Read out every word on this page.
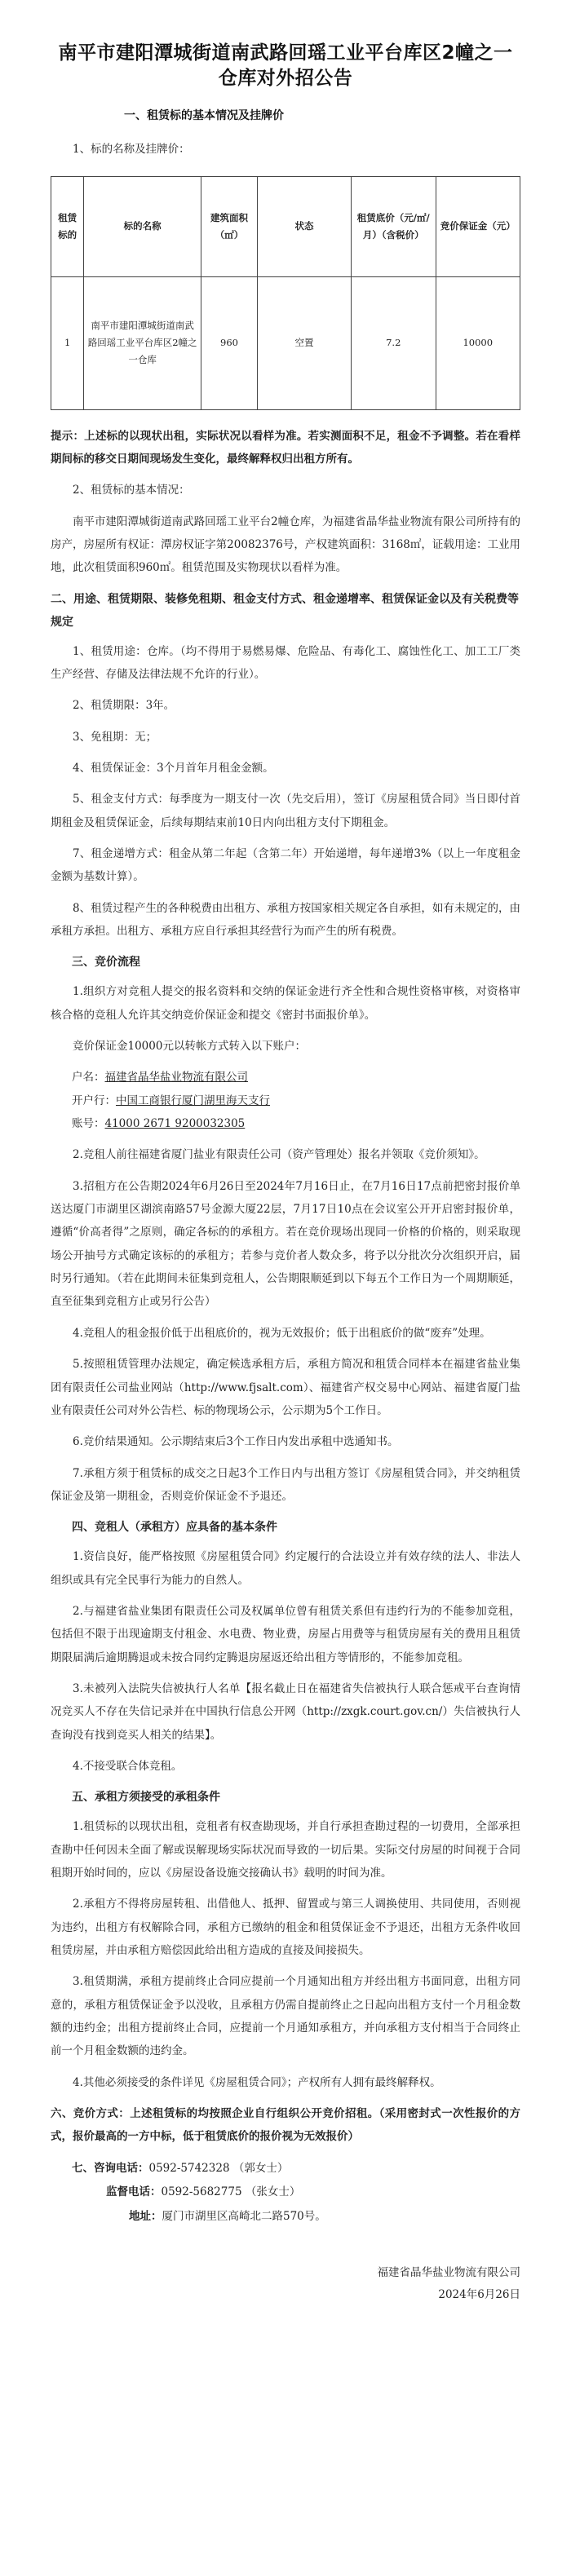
南平市建阳潭城街道南武路回瑶工业平台库区2幢之一仓库对外招公告
一、租赁标的基本情况及挂牌价

1、标的名称及挂牌价：

租赁标的	标的名称	建筑面积（㎡）	状态	租赁底价（元/㎡/月）（含税价）	竞价保证金（元）
1	南平市建阳潭城街道南武路回瑶工业平台库区2幢之一仓库	960	空置	7.2	10000

提示：上述标的以现状出租，实际状况以看样为准。若实测面积不足，租金不予调整。若在看样期间标的移交日期间现场发生变化，最终解释权归出租方所有。

2、租赁标的基本情况：

南平市建阳潭城街道南武路回瑶工业平台2幢仓库，为福建省晶华盐业物流有限公司所持有的房产，房屋所有权证：潭房权证字第20082376号，产权建筑面积：3168㎡，证载用途：工业用地，此次租赁面积960㎡。租赁范围及实物现状以看样为准。

二、用途、租赁期限、装修免租期、租金支付方式、租金递增率、租赁保证金以及有关税费等规定

1、租赁用途：仓库。（均不得用于易燃易爆、危险品、有毒化工、腐蚀性化工、加工工厂类生产经营、存储及法律法规不允许的行业）。

2、租赁期限：3年。

3、免租期：无；

4、租赁保证金：3个月首年月租金金额。

5、租金支付方式：每季度为一期支付一次（先交后用），签订《房屋租赁合同》当日即付首期租金及租赁保证金，后续每期结束前10日内向出租方支付下期租金。

7、租金递增方式：租金从第二年起（含第二年）开始递增，每年递增3%（以上一年度租金金额为基数计算）。

8、租赁过程产生的各种税费由出租方、承租方按国家相关规定各自承担，如有未规定的，由承租方承担。出租方、承租方应自行承担其经营行为而产生的所有税费。

三、竞价流程

1.组织方对竞租人提交的报名资料和交纳的保证金进行齐全性和合规性资格审核，对资格审核合格的竞租人允许其交纳竞价保证金和提交《密封书面报价单》。

竞价保证金10000元以转帐方式转入以下账户：

户名：福建省晶华盐业物流有限公司

开户行：中国工商银行厦门湖里海天支行

账号：41000 2671 9200032305

2.竞租人前往福建省厦门盐业有限责任公司（资产管理处）报名并领取《竞价须知》。

3.招租方在公告期2024年6月26日至2024年7月16日止，在7月16日17点前把密封报价单送达厦门市湖里区湖滨南路57号金源大厦22层，7月17日10点在会议室公开开启密封报价单，遵循“价高者得”之原则，确定各标的的承租方。若在竞价现场出现同一价格的价格的，则采取现场公开抽号方式确定该标的的承租方；若参与竞价者人数众多，将予以分批次分次组织开启，届时另行通知。（若在此期间未征集到竞租人，公告期限顺延到以下每五个工作日为一个周期顺延，直至征集到竞租方止或另行公告）

4.竞租人的租金报价低于出租底价的，视为无效报价；低于出租底价的做“废弃”处理。

5.按照租赁管理办法规定，确定候选承租方后，承租方简况和租赁合同样本在福建省盐业集团有限责任公司盐业网站（http://www.fjsalt.com）、福建省产权交易中心网站、福建省厦门盐业有限责任公司对外公告栏、标的物现场公示，公示期为5个工作日。

6.竞价结果通知。公示期结束后3个工作日内发出承租中选通知书。

7.承租方须于租赁标的成交之日起3个工作日内与出租方签订《房屋租赁合同》，并交纳租赁保证金及第一期租金，否则竞价保证金不予退还。

四、竞租人（承租方）应具备的基本条件

1.资信良好，能严格按照《房屋租赁合同》约定履行的合法设立并有效存续的法人、非法人组织或具有完全民事行为能力的自然人。

2.与福建省盐业集团有限责任公司及权属单位曾有租赁关系但有违约行为的不能参加竞租，包括但不限于出现逾期支付租金、水电费、物业费，房屋占用费等与租赁房屋有关的费用且租赁期限届满后逾期腾退或未按合同约定腾退房屋返还给出租方等情形的，不能参加竞租。

3.未被列入法院失信被执行人名单【报名截止日在福建省失信被执行人联合惩戒平台查询情况竞买人不存在失信记录并在中国执行信息公开网（http://zxgk.court.gov.cn/）失信被执行人查询没有找到竞买人相关的结果】。

4.不接受联合体竞租。

五、承租方须接受的承租条件

1.租赁标的以现状出租，竞租者有权查勘现场，并自行承担查勘过程的一切费用，全部承担查勘中任何因未全面了解或误解现场实际状况而导致的一切后果。实际交付房屋的时间视于合同租期开始时间的，应以《房屋设备设施交接确认书》载明的时间为准。

2.承租方不得将房屋转租、出借他人、抵押、留置或与第三人调换使用、共同使用，否则视为违约，出租方有权解除合同，承租方已缴纳的租金和租赁保证金不予退还，出租方无条件收回租赁房屋，并由承租方赔偿因此给出租方造成的直接及间接损失。

3.租赁期满，承租方提前终止合同应提前一个月通知出租方并经出租方书面同意，出租方同意的，承租方租赁保证金予以没收，且承租方仍需自提前终止之日起向出租方支付一个月租金数额的违约金；出租方提前终止合同，应提前一个月通知承租方，并向承租方支付相当于合同终止前一个月租金数额的违约金。

4.其他必须接受的条件详见《房屋租赁合同》；产权所有人拥有最终解释权。

六、竞价方式：上述租赁标的均按照企业自行组织公开竞价招租。（采用密封式一次性报价的方式，报价最高的一方中标，低于租赁底价的报价视为无效报价）

七、咨询电话：0592-5742328 （郭女士）

监督电话：0592-5682775 （张女士）

地址：厦门市湖里区高崎北二路570号。

福建省晶华盐业物流有限公司

2024年6月26日
